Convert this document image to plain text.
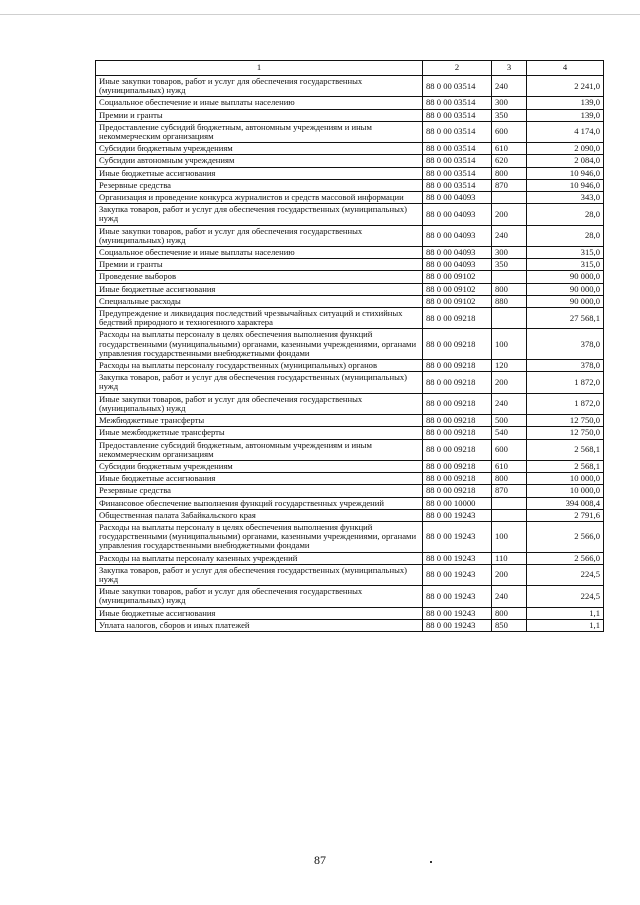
1	2	3	4
Иные закупки товаров, работ и услуг для обеспечения государственных (муниципальных) нужд	88 0 00 03514	240	2 241,0
Социальное обеспечение и иные выплаты населению	88 0 00 03514	300	139,0
Премии и гранты	88 0 00 03514	350	139,0
Предоставление субсидий бюджетным, автономным учреждениям и иным некоммерческим организациям	88 0 00 03514	600	4 174,0
Субсидии бюджетным учреждениям	88 0 00 03514	610	2 090,0
Субсидии автономным учреждениям	88 0 00 03514	620	2 084,0
Иные бюджетные ассигнования	88 0 00 03514	800	10 946,0
Резервные средства	88 0 00 03514	870	10 946,0
Организация и проведение конкурса журналистов и средств массовой информации	88 0 00 04093		343,0
Закупка товаров, работ и услуг для обеспечения государственных (муниципальных) нужд	88 0 00 04093	200	28,0
Иные закупки товаров, работ и услуг для обеспечения государственных (муниципальных) нужд	88 0 00 04093	240	28,0
Социальное обеспечение и иные выплаты населению	88 0 00 04093	300	315,0
Премии и гранты	88 0 00 04093	350	315,0
Проведение выборов	88 0 00 09102		90 000,0
Иные бюджетные ассигнования	88 0 00 09102	800	90 000,0
Специальные расходы	88 0 00 09102	880	90 000,0
Предупреждение и ликвидация последствий чрезвычайных ситуаций и стихийных бедствий природного и техногенного характера	88 0 00 09218		27 568,1
Расходы на выплаты персоналу в целях обеспечения выполнения функций государственными (муниципальными) органами, казенными учреждениями, органами управления государственными внебюджетными фондами	88 0 00 09218	100	378,0
Расходы на выплаты персоналу государственных (муниципальных) органов	88 0 00 09218	120	378,0
Закупка товаров, работ и услуг для обеспечения государственных (муниципальных) нужд	88 0 00 09218	200	1 872,0
Иные закупки товаров, работ и услуг для обеспечения государственных (муниципальных) нужд	88 0 00 09218	240	1 872,0
Межбюджетные трансферты	88 0 00 09218	500	12 750,0
Иные межбюджетные трансферты	88 0 00 09218	540	12 750,0
Предоставление субсидий бюджетным, автономным учреждениям и иным некоммерческим организациям	88 0 00 09218	600	2 568,1
Субсидии бюджетным учреждениям	88 0 00 09218	610	2 568,1
Иные бюджетные ассигнования	88 0 00 09218	800	10 000,0
Резервные средства	88 0 00 09218	870	10 000,0
Финансовое обеспечение выполнения функций государственных учреждений	88 0 00 10000		394 008,4
Общественная палата Забайкальского края	88 0 00 19243		2 791,6
Расходы на выплаты персоналу в целях обеспечения выполнения функций государственными (муниципальными) органами, казенными учреждениями, органами управления государственными внебюджетными фондами	88 0 00 19243	100	2 566,0
Расходы на выплаты персоналу казенных учреждений	88 0 00 19243	110	2 566,0
Закупка товаров, работ и услуг для обеспечения государственных (муниципальных) нужд	88 0 00 19243	200	224,5
Иные закупки товаров, работ и услуг для обеспечения государственных (муниципальных) нужд	88 0 00 19243	240	224,5
Иные бюджетные ассигнования	88 0 00 19243	800	1,1
Уплата налогов, сборов и иных платежей	88 0 00 19243	850	1,1
87
